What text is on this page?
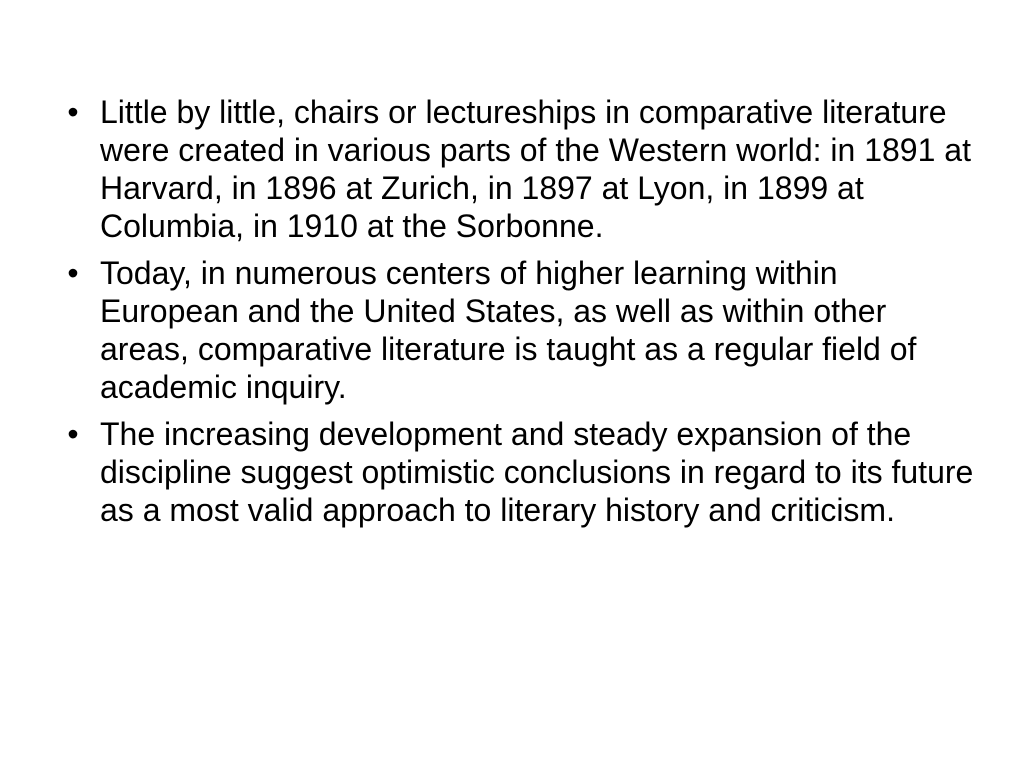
• Little by little, chairs or lectureships in comparative literature were created in various parts of the Western world: in 1891 at Harvard, in 1896 at Zurich, in 1897 at Lyon, in 1899 at Columbia, in 1910 at the Sorbonne.
• Today, in numerous centers of higher learning within European and the United States, as well as within other areas, comparative literature is taught as a regular field of academic inquiry.
• The increasing development and steady expansion of the discipline suggest optimistic conclusions in regard to its future as a most valid approach to literary history and criticism.
